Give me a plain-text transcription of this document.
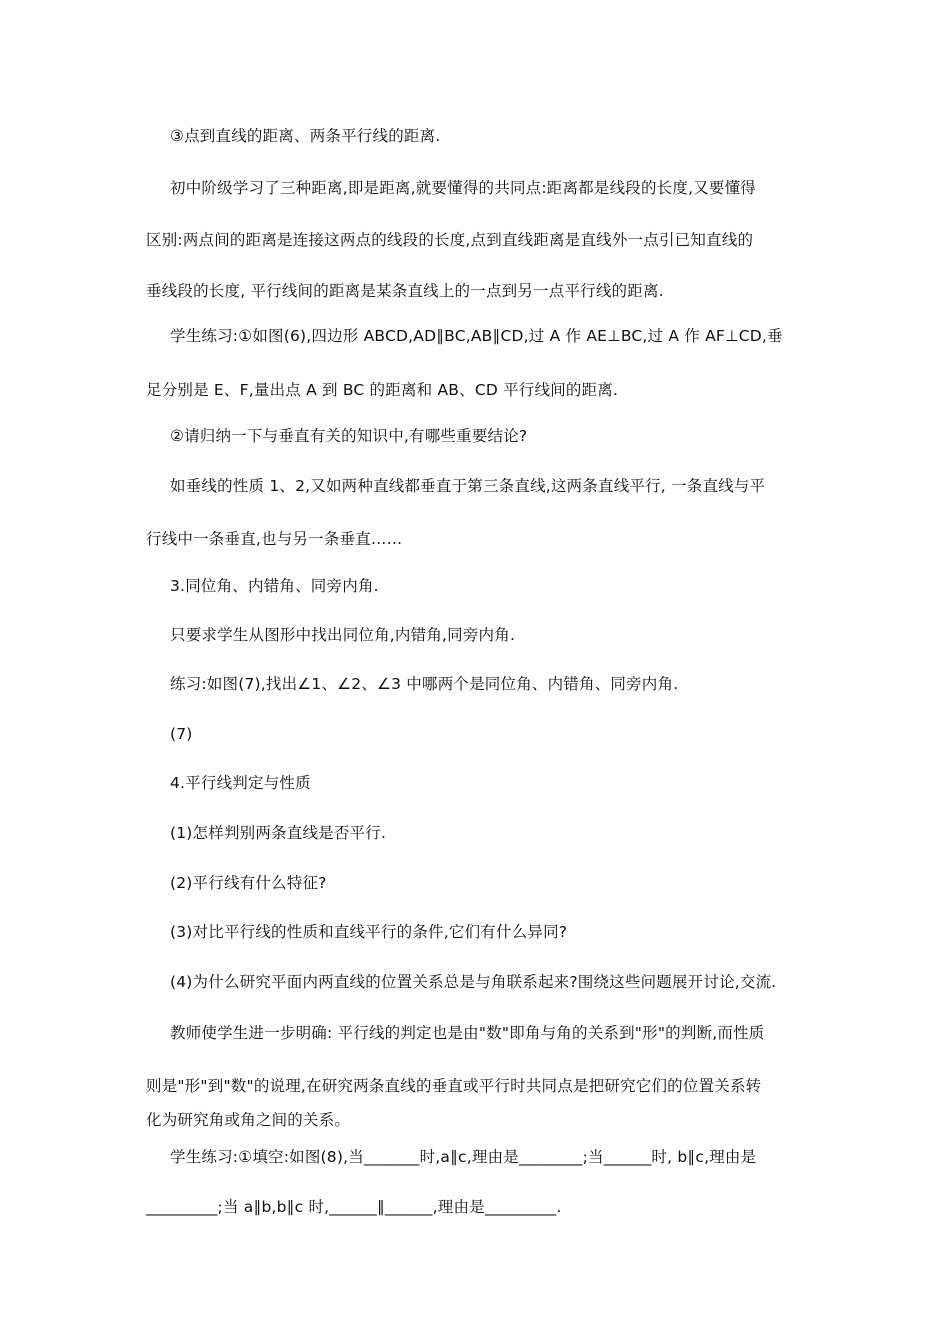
③点到直线的距离、两条平行线的距离.
初中阶级学习了三种距离,即是距离,就要懂得的共同点:距离都是线段的长度,又要懂得
区别:两点间的距离是连接这两点的线段的长度,点到直线距离是直线外一点引已知直线的
垂线段的长度, 平行线间的距离是某条直线上的一点到另一点平行线的距离.
学生练习:①如图(6),四边形 ABCD,AD∥BC,AB∥CD,过 A 作 AE⊥BC,过 A 作 AF⊥CD,垂
足分别是 E、F,量出点 A 到 BC 的距离和 AB、CD 平行线间的距离.
②请归纳一下与垂直有关的知识中,有哪些重要结论?
如垂线的性质 1、2,又如两种直线都垂直于第三条直线,这两条直线平行, 一条直线与平
行线中一条垂直,也与另一条垂直……
3.同位角、内错角、同旁内角.
只要求学生从图形中找出同位角,内错角,同旁内角.
练习:如图(7),找出∠1、∠2、∠3 中哪两个是同位角、内错角、同旁内角.
(7)
4.平行线判定与性质
(1)怎样判别两条直线是否平行.
(2)平行线有什么特征?
(3)对比平行线的性质和直线平行的条件,它们有什么异同?
(4)为什么研究平面内两直线的位置关系总是与角联系起来?围绕这些问题展开讨论,交流.
教师使学生进一步明确: 平行线的判定也是由"数"即角与角的关系到"形"的判断,而性质
则是"形"到"数"的说理,在研究两条直线的垂直或平行时共同点是把研究它们的位置关系转
化为研究角或角之间的关系。
学生练习:①填空:如图(8),当_______时,a∥c,理由是________;当______时, b∥c,理由是
_________;当 a∥b,b∥c 时,______∥______,理由是_________.
